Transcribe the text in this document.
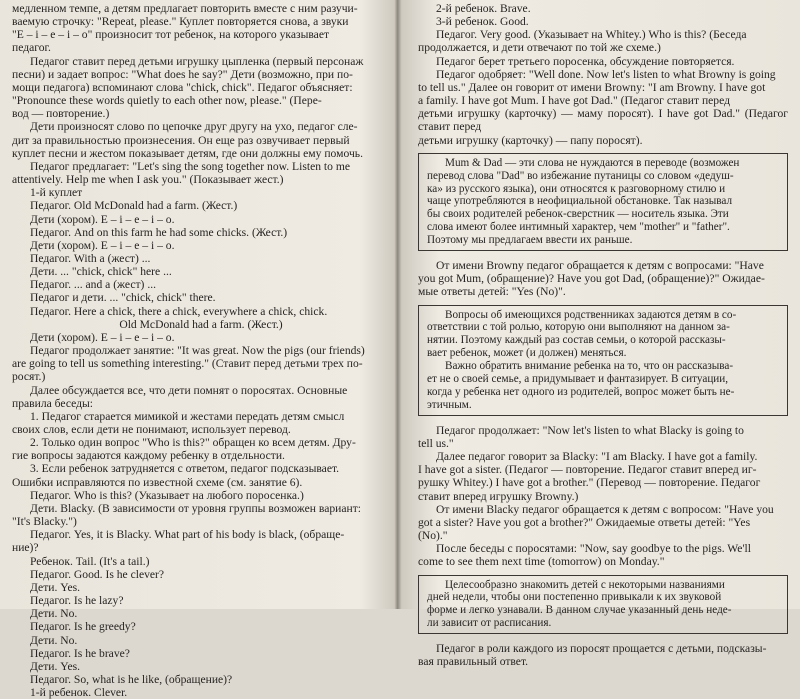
медленном темпе, а детям предлагает повторить вместе с ним разучи-

ваемую строчку: "Repeat, please." Куплет повторяется снова, а звуки

"Е – і – е – і – о" произносит тот ребенок, на которого указывает

педагог.

Педагог ставит перед детьми игрушку цыпленка (первый персонаж

песни) и задает вопрос: "What does he say?" Дети (возможно, при по-

мощи педагога) вспоминают слова "chick, chick". Педагог объясняет:

"Pronounce these words quietly to each other now, please." (Перe-

вод — повторение.)

Дети произносят слово по цепочке друг другу на ухо, педагог сле-

дит за правильностью произнесения. Он еще раз озвучивает первый

куплет песни и жестом показывает детям, где они должны ему помочь.

Педагог предлагает: "Let's sing the song together now. Listen to me

attentively. Help me when I ask you." (Показывает жест.)

1-й куплет

Педагог. Old McDonald had a farm. (Жест.)

Дети (хором). Е – і – е – і – о.

Педагог. And on this farm he had some chicks. (Жест.)

Дети (хором). Е – і – е – і – о.

Педагог. With a (жест) ...

Дети. ... "chick, chick" here ...

Педагог. ... and a (жест) ...

Педагог и дети. ... "chick, chick" there.

Педагог. Here a chick, there a chick, everywhere a chick, chick.

Old McDonald had a farm. (Жест.)

Дети (хором). Е – і – е – і – о.

Педагог продолжает занятие: "It was great. Now the pigs (our friends)

are going to tell us something interesting." (Ставит перед детьми трех по-

росят.)

Далее обсуждается все, что дети помнят о поросятах. Основные

правила беседы:

1. Педагог старается мимикой и жестами передать детям смысл

своих слов, если дети не понимают, использует перевод.

2. Только один вопрос "Who is this?" обращен ко всем детям. Дру-

гие вопросы задаются каждому ребенку в отдельности.

3. Если ребенок затрудняется с ответом, педагог подсказывает.

Ошибки исправляются по известной схеме (см. занятие 6).

Педагог. Who is this? (Указывает на любого поросенка.)

Дети. Blacky. (В зависимости от уровня группы возможен вариант:

"It's Blacky.")

Педагог. Yes, it is Blacky. What part of his body is black, (обраще-

ние)?

Ребенок. Tail. (It's a tail.)

Педагог. Good. Is he clever?

Дети. Yes.

Педагог. Is he lazy?

Дети. No.

Педагог. Is he greedy?

Дети. No.

Педагог. Is he brave?

Дети. Yes.

Педагог. So, what is he like, (обращение)?

1-й ребенок. Clever.

2-й ребенок. Brave.

3-й ребенок. Good.

Педагог. Very good. (Указывает на Whitey.) Who is this? (Беседа

продолжается, и дети отвечают по той же схеме.)

Педагог берет третьего поросенка, обсуждение повторяется.

Педагог одобряет: "Well done. Now let's listen to what Browny is going

to tell us." Далее он говорит от имени Browny: "I am Browny. I have got

a family. I have got Mum. I have got Dad." (Педагог ставит перед

детьми игрушку (карточку) — маму поросят). I have got Dad." (Педагог ставит перед

детьми игрушку (карточку) — папу поросят).

Mum & Dad — эти слова не нуждаются в переводе (возможен

перевод слова "Dad" во избежание путаницы со словом «дедуш-

ка» из русского языка), они относятся к разговорному стилю и

чаще употребляются в неофициальной обстановке. Так называл

бы своих родителей ребенок-сверстник — носитель языка. Эти

слова имеют более интимный характер, чем "mother" и "father".

Поэтому мы предлагаем ввести их раньше.

От имени Browny педагог обращается к детям с вопросами: "Have

you got Mum, (обращение)? Have you got Dad, (обращение)?" Ожидае-

мые ответы детей: "Yes (No)".

Вопросы об имеющихся родственниках задаются детям в со-

ответствии с той ролью, которую они выполняют на данном за-

нятии. Поэтому каждый раз состав семьи, о которой рассказы-

вает ребенок, может (и должен) меняться.

Важно обратить внимание ребенка на то, что он рассказыва-

ет не о своей семье, а придумывает и фантазирует. В ситуации,

когда у ребенка нет одного из родителей, вопрос может быть не-

этичным.

Педагог продолжает: "Now let's listen to what Blacky is going to

tell us."

Далее педагог говорит за Blacky: "I am Blacky. I have got a family.

I have got a sister. (Педагог — повторение. Педагог ставит вперед иг-

рушку Whitey.) I have got a brother." (Перевод — повторение. Педагог

ставит вперед игрушку Browny.)

От имени Blacky педагог обращается к детям с вопросом: "Have you

got a sister? Have you got a brother?" Ожидаемые ответы детей: "Yes

(No)."

После беседы с поросятами: "Now, say goodbye to the pigs. We'll

come to see them next time (tomorrow) on Monday."

Целесообразно знакомить детей с некоторыми названиями

дней недели, чтобы они постепенно привыкали к их звуковой

форме и легко узнавали. В данном случае указанный день неде-

ли зависит от расписания.

Педагог в роли каждого из поросят прощается с детьми, подсказы-

вая правильный ответ.
